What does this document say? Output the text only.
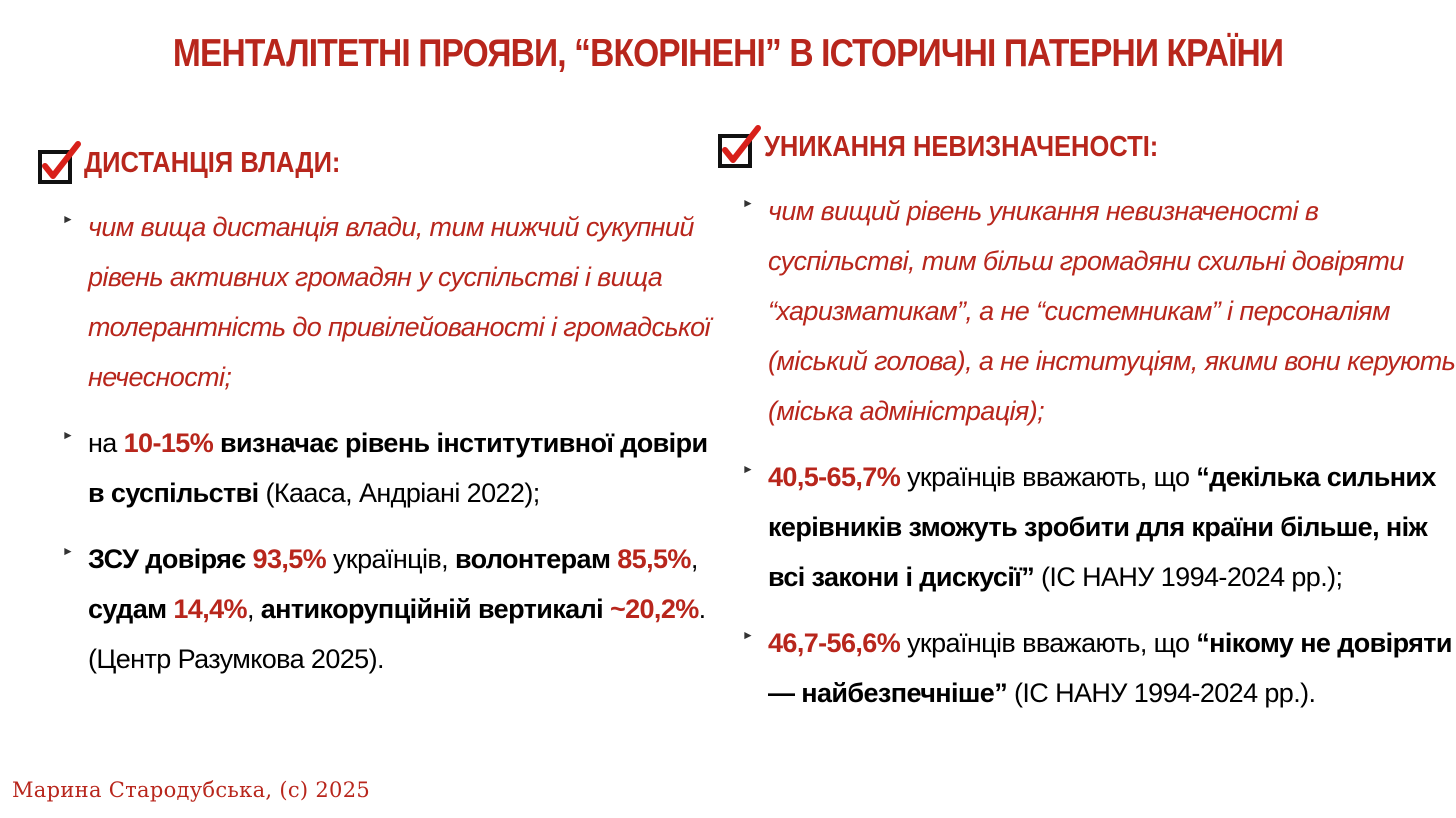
МЕНТАЛІТЕТНІ ПРОЯВИ, “ВКОРІНЕНІ” В ІСТОРИЧНІ ПАТЕРНИ КРАЇНИ
ДИСТАНЦІЯ ВЛАДИ:
► чим вища дистанція влади, тим нижчий сукупний рівень активних громадян у суспільстві і вища толерантність до привілейованості і громадської нечесності;
► на 10-15% визначає рівень інститутивної довіри в суспільстві (Кааса, Андріані 2022);
► ЗСУ довіряє 93,5% українців, волонтерам 85,5%, судам 14,4%, антикорупційній вертикалі ~20,2%. (Центр Разумкова 2025).
УНИКАННЯ НЕВИЗНАЧЕНОСТІ:
► чим вищий рівень уникання невизначеності в суспільстві, тим більш громадяни схильні довіряти “харизматикам”, а не “системникам” і персоналіям (міський голова), а не інституціям, якими вони керують (міська адміністрація);
► 40,5-65,7% українців вважають, що “декілька сильних керівників зможуть зробити для країни більше, ніж всі закони і дискусії” (ІС НАНУ 1994-2024 рр.);
► 46,7-56,6% українців вважають, що “нікому не довіряти — найбезпечніше” (ІС НАНУ 1994-2024 рр.).
Марина Стародубська, (с) 2025
